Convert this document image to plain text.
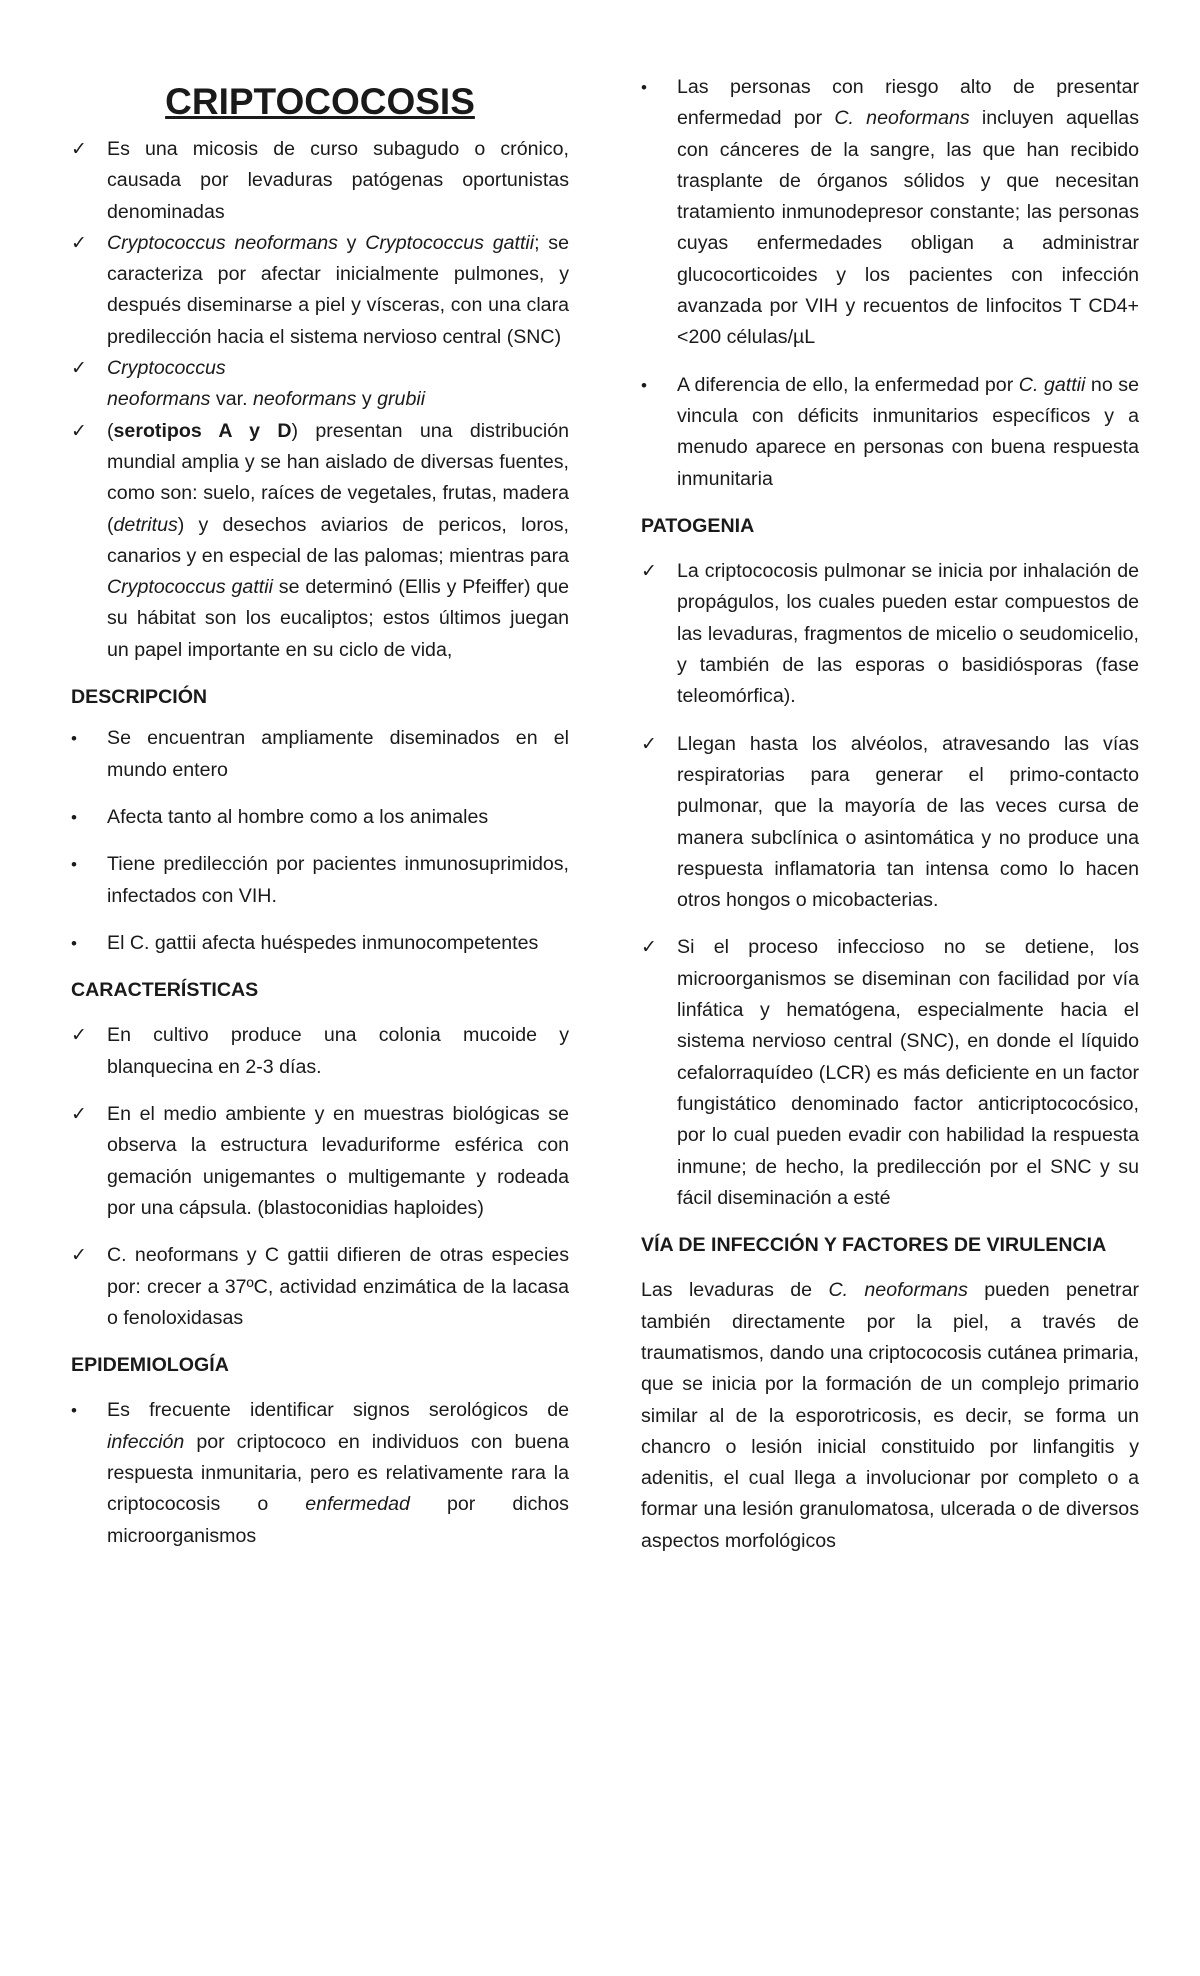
CRIPTOCOCOSIS
✓	Es una micosis de curso subagudo o crónico, causada por levaduras patógenas oportunistas denominadas
✓	Cryptococcus neoformans y Cryptococcus gattii; se caracteriza por afectar inicialmente pulmones, y después diseminarse a piel y vísceras, con una clara predilección hacia el sistema nervioso central (SNC)
✓	Cryptococcus
neoformans var. neoformans y grubii
✓	(serotipos A y D) presentan una distribución mundial amplia y se han aislado de diversas fuentes, como son: suelo, raíces de vegetales, frutas, madera (detritus) y desechos aviarios de pericos, loros, canarios y en especial de las palomas; mientras para Cryptococcus gattii se determinó (Ellis y Pfeiffer) que su hábitat son los eucaliptos; estos últimos juegan un papel importante en su ciclo de vida,
DESCRIPCIÓN
•	Se encuentran ampliamente diseminados en el mundo entero
•	Afecta tanto al hombre como a los animales
•	Tiene predilección por pacientes inmunosuprimidos, infectados con VIH.
•	El C. gattii afecta huéspedes inmunocompetentes
CARACTERÍSTICAS
✓	En cultivo produce una colonia mucoide y blanquecina en 2-3 días.
✓	En el medio ambiente y en muestras biológicas se observa la estructura levaduriforme esférica con gemación unigemantes o multigemante y rodeada por una cápsula. (blastoconidias haploides)
✓	C. neoformans y C gattii difieren de otras especies por: crecer a 37ºC, actividad enzimática de la lacasa o fenoloxidasas
EPIDEMIOLOGÍA
•	Es frecuente identificar signos serológicos de infección por criptococo en individuos con buena respuesta inmunitaria, pero es relativamente rara la criptococosis o enfermedad por dichos microorganismos
•	Las personas con riesgo alto de presentar enfermedad por C. neoformans incluyen aquellas con cánceres de la sangre, las que han recibido trasplante de órganos sólidos y que necesitan tratamiento inmunodepresor constante; las personas cuyas enfermedades obligan a administrar glucocorticoides y los pacientes con infección avanzada por VIH y recuentos de linfocitos T CD4+ <200 células/µL
•	A diferencia de ello, la enfermedad por C. gattii no se vincula con déficits inmunitarios específicos y a menudo aparece en personas con buena respuesta inmunitaria
PATOGENIA
✓	La criptococosis pulmonar se inicia por inhalación de propágulos, los cuales pueden estar compuestos de las levaduras, fragmentos de micelio o seudomicelio, y también de las esporas o basidiósporas (fase teleomórfica).
✓	Llegan hasta los alvéolos, atravesando las vías respiratorias para generar el primo-contacto pulmonar, que la mayoría de las veces cursa de manera subclínica o asintomática y no produce una respuesta inflamatoria tan intensa como lo hacen otros hongos o micobacterias.
✓	Si el proceso infeccioso no se detiene, los microorganismos se diseminan con facilidad por vía linfática y hematógena, especialmente hacia el sistema nervioso central (SNC), en donde el líquido cefalorraquídeo (LCR) es más deficiente en un factor fungistático denominado factor anticriptococósico, por lo cual pueden evadir con habilidad la respuesta inmune; de hecho, la predilección por el SNC y su fácil diseminación a esté
VÍA DE INFECCIÓN Y FACTORES DE VIRULENCIA

Las levaduras de C. neoformans pueden penetrar también directamente por la piel, a través de traumatismos, dando una criptococosis cutánea primaria, que se inicia por la formación de un complejo primario similar al de la esporotricosis, es decir, se forma un chancro o lesión inicial constituido por linfangitis y adenitis, el cual llega a involucionar por completo o a formar una lesión granulomatosa, ulcerada o de diversos aspectos morfológicos
